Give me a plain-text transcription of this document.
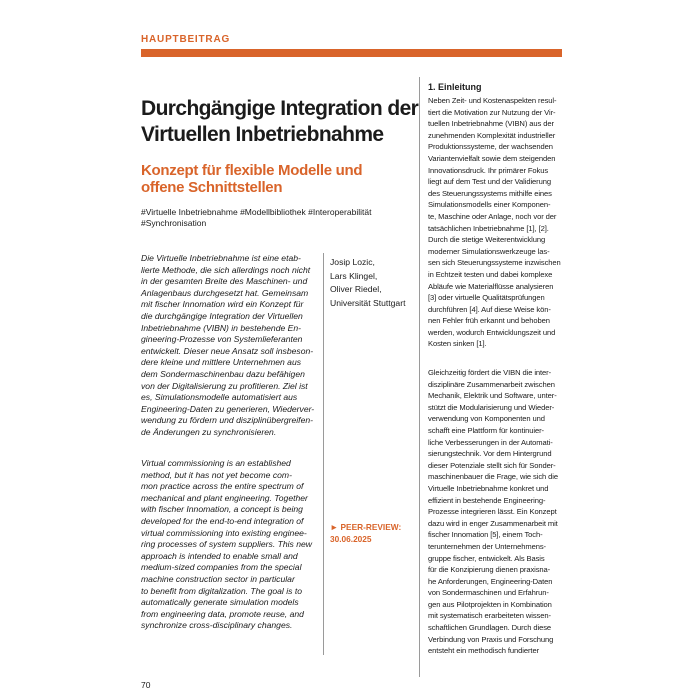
HAUPTBEITRAG
Durchgängige Integration der
Virtuellen Inbetriebnahme
Konzept für flexible Modelle und
offene Schnittstellen
#Virtuelle Inbetriebnahme #Modellbibliothek #Interoperabilität
#Synchronisation
Die Virtuelle Inbetriebnahme ist eine etab-
lierte Methode, die sich allerdings noch nicht
in der gesamten Breite des Maschinen- und
Anlagenbaus durchgesetzt hat. Gemeinsam
mit fischer Innomation wird ein Konzept für
die durchgängige Integration der Virtuellen
Inbetriebnahme (VIBN) in bestehende En-
gineering-Prozesse von Systemlieferanten
entwickelt. Dieser neue Ansatz soll insbeson-
dere kleine und mittlere Unternehmen aus
dem Sondermaschinenbau dazu befähigen
von der Digitalisierung zu profitieren. Ziel ist
es, Simulationsmodelle automatisiert aus
Engineering-Daten zu generieren, Wiederver-
wendung zu fördern und disziplinübergreifen-
de Änderungen zu synchronisieren.
Virtual commissioning is an established
method, but it has not yet become com-
mon practice across the entire spectrum of
mechanical and plant engineering. Together
with fischer Innomation, a concept is being
developed for the end-to-end integration of
virtual commissioning into existing enginee-
ring processes of system suppliers. This new
approach is intended to enable small and
medium-sized companies from the special
machine construction sector in particular
to benefit from digitalization. The goal is to
automatically generate simulation models
from engineering data, promote reuse, and
synchronize cross-disciplinary changes.
Josip Lozic,
Lars Klingel,
Oliver Riedel,
Universität Stuttgart
► PEER-REVIEW:
30.06.2025
1. Einleitung
Neben Zeit- und Kostenaspekten resul-
tiert die Motivation zur Nutzung der Vir-
tuellen Inbetriebnahme (VIBN) aus der
zunehmenden Komplexität industrieller
Produktionssysteme, der wachsenden
Variantenvielfalt sowie dem steigenden
Innovationsdruck. Ihr primärer Fokus
liegt auf dem Test und der Validierung
des Steuerungssystems mithilfe eines
Simulationsmodells einer Komponen-
te, Maschine oder Anlage, noch vor der
tatsächlichen Inbetriebnahme [1], [2].
Durch die stetige Weiterentwicklung
moderner Simulationswerkzeuge las-
sen sich Steuerungssysteme inzwischen
in Echtzeit testen und dabei komplexe
Abläufe wie Materialflüsse analysieren
[3] oder virtuelle Qualitätsprüfungen
durchführen [4]. Auf diese Weise kön-
nen Fehler früh erkannt und behoben
werden, wodurch Entwicklungszeit und
Kosten sinken [1].
Gleichzeitig fördert die VIBN die inter-
disziplinäre Zusammenarbeit zwischen
Mechanik, Elektrik und Software, unter-
stützt die Modularisierung und Wieder-
verwendung von Komponenten und
schafft eine Plattform für kontinuier-
liche Verbesserungen in der Automati-
sierungstechnik. Vor dem Hintergrund
dieser Potenziale stellt sich für Sonder-
maschinenbauer die Frage, wie sich die
Virtuelle Inbetriebnahme konkret und
effizient in bestehende Engineering-
Prozesse integrieren lässt. Ein Konzept
dazu wird in enger Zusammenarbeit mit
fischer Innomation [5], einem Toch-
terunternehmen der Unternehmens-
gruppe fischer, entwickelt. Als Basis
für die Konzipierung dienen praxisna-
he Anforderungen, Engineering-Daten
von Sondermaschinen und Erfahrun-
gen aus Pilotprojekten in Kombination
mit systematisch erarbeiteten wissen-
schaftlichen Grundlagen. Durch diese
Verbindung von Praxis und Forschung
entsteht ein methodisch fundierter
70
